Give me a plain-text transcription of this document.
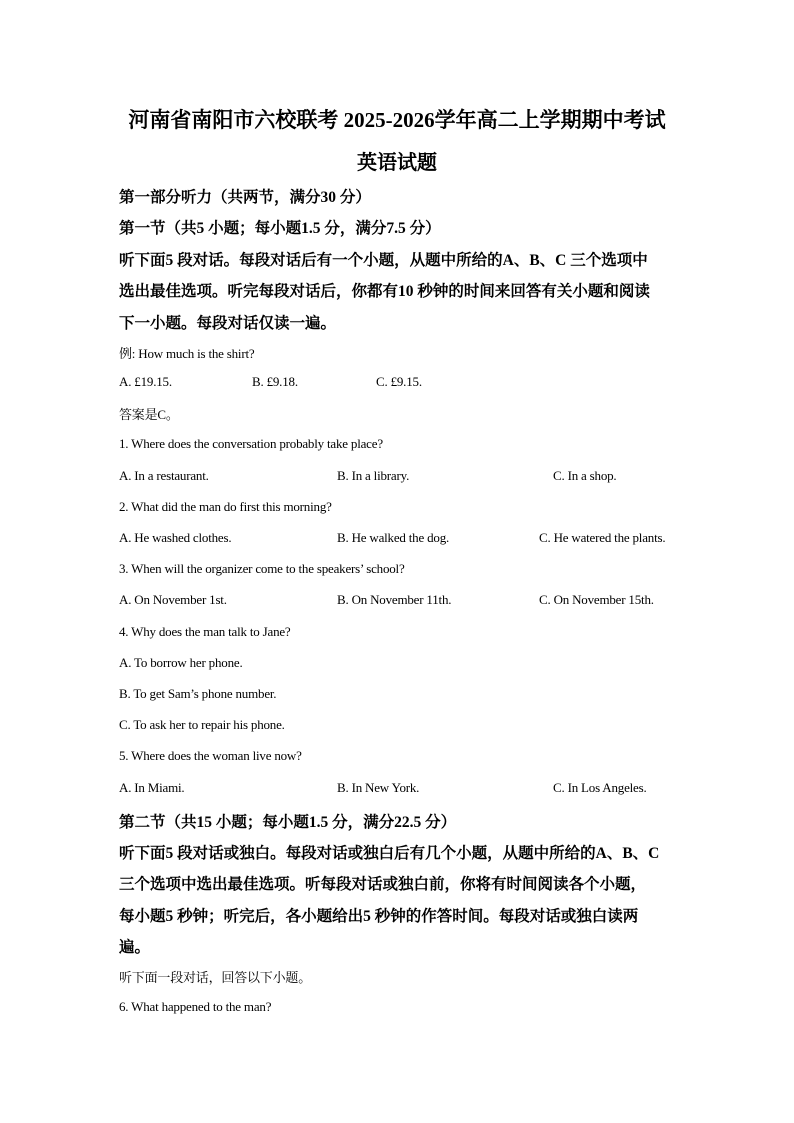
河南省南阳市六校联考 2025-2026学年高二上学期期中考试
英语试题
第一部分听力（共两节，满分30 分）
第一节（共5 小题；每小题1.5 分，满分7.5 分）
听下面5 段对话。每段对话后有一个小题，从题中所给的A、B、C 三个选项中
选出最佳选项。听完每段对话后，你都有10 秒钟的时间来回答有关小题和阅读
下一小题。每段对话仅读一遍。
例: How much is the shirt?
A. £19.15.	B. £9.18.	C. £9.15.
答案是C。
1. Where does the conversation probably take place?
A. In a restaurant.	B. In a library.	C. In a shop.
2. What did the man do first this morning?
A. He washed clothes.	B. He walked the dog.	C. He watered the plants.
3. When will the organizer come to the speakers’ school?
A. On November 1st.	B. On November 11th.	C. On November 15th.
4. Why does the man talk to Jane?
A. To borrow her phone.
B. To get Sam’s phone number.
C. To ask her to repair his phone.
5. Where does the woman live now?
A. In Miami.	B. In New York.	C. In Los Angeles.
第二节（共15 小题；每小题1.5 分，满分22.5 分）
听下面5 段对话或独白。每段对话或独白后有几个小题，从题中所给的A、B、C
三个选项中选出最佳选项。听每段对话或独白前，你将有时间阅读各个小题，
每小题5 秒钟；听完后，各小题给出5 秒钟的作答时间。每段对话或独白读两
遍。
听下面一段对话，回答以下小题。
6. What happened to the man?
